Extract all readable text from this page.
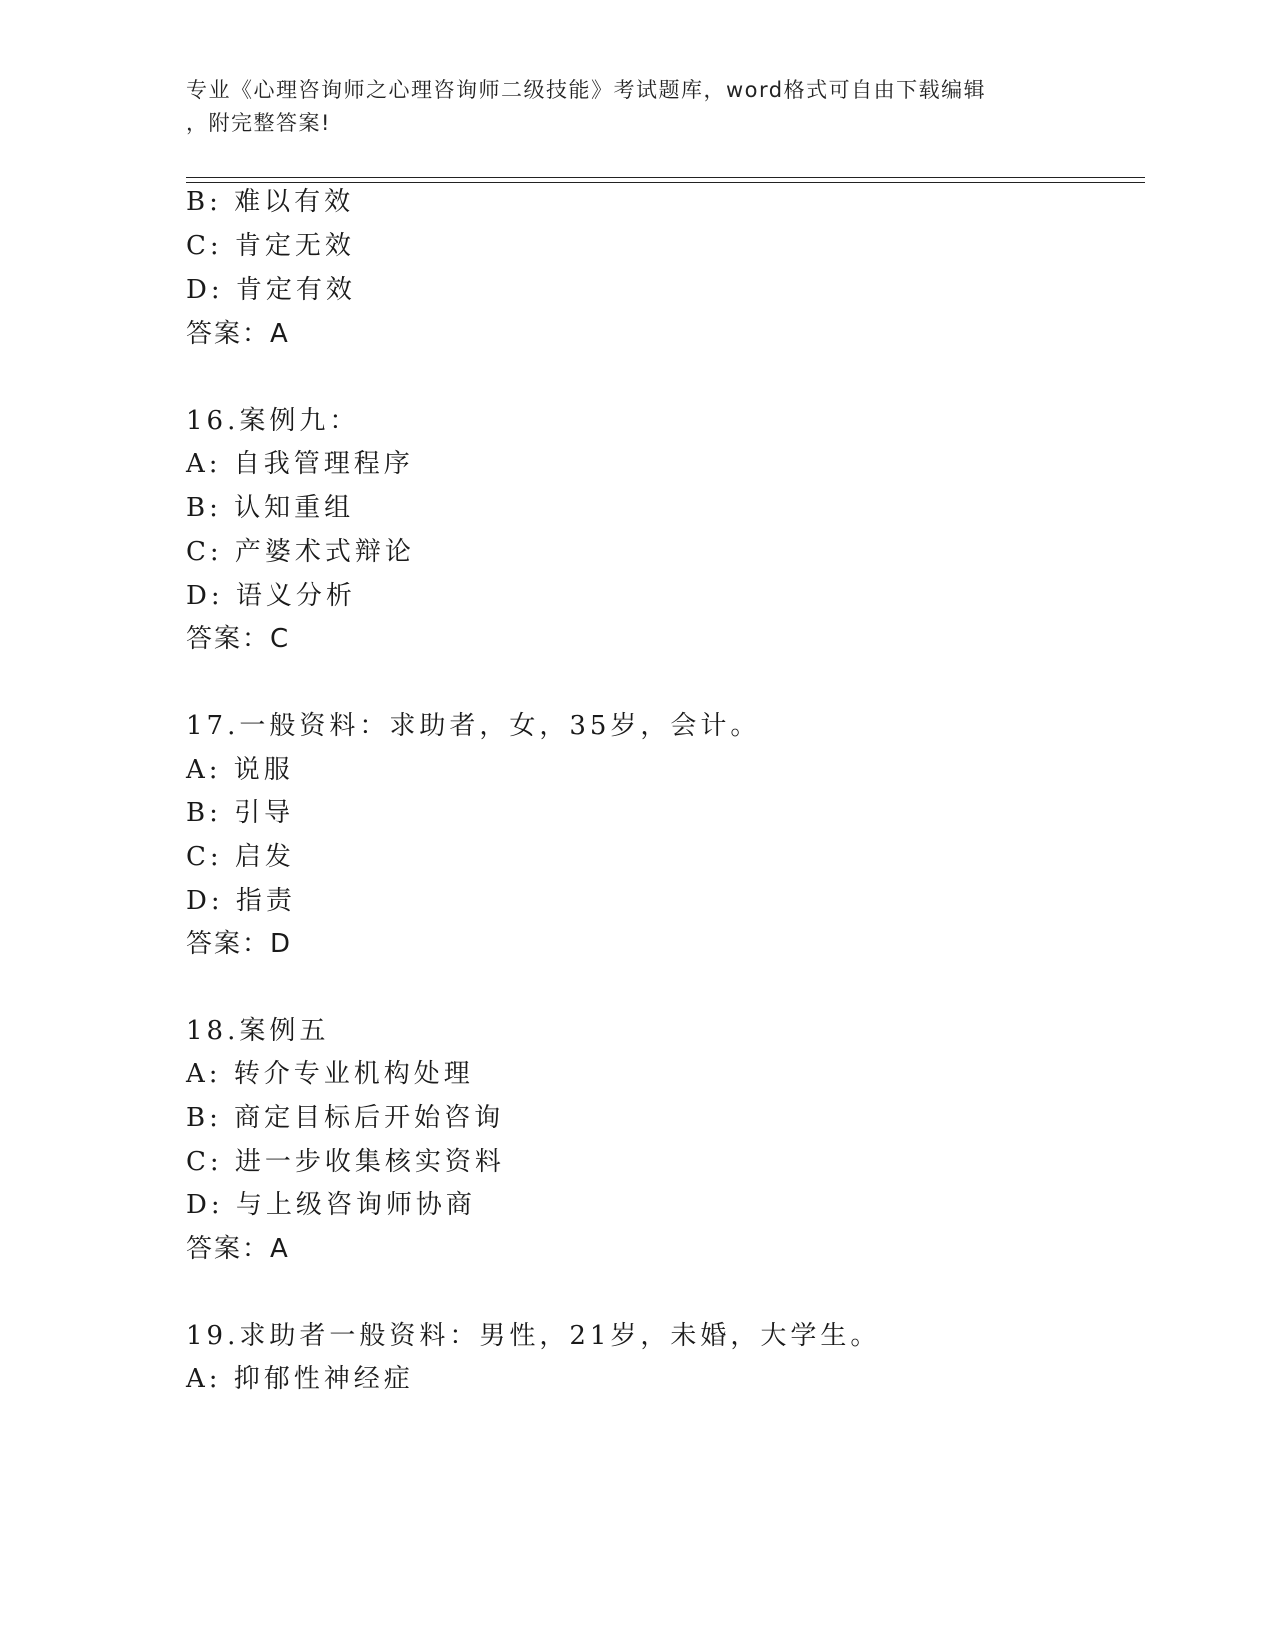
专业《心理咨询师之心理咨询师二级技能》考试题库，word格式可自由下载编辑
，附完整答案!
B: 难以有效
C: 肯定无效
D: 肯定有效
答案：A
16.案例九：
A: 自我管理程序
B: 认知重组
C: 产婆术式辩论
D: 语义分析
答案：C
17.一般资料：求助者，女，35岁，会计。
A: 说服
B: 引导
C: 启发
D: 指责
答案：D
18.案例五
A: 转介专业机构处理
B: 商定目标后开始咨询
C: 进一步收集核实资料
D: 与上级咨询师协商
答案：A
19.求助者一般资料：男性，21岁，未婚，大学生。
A: 抑郁性神经症
